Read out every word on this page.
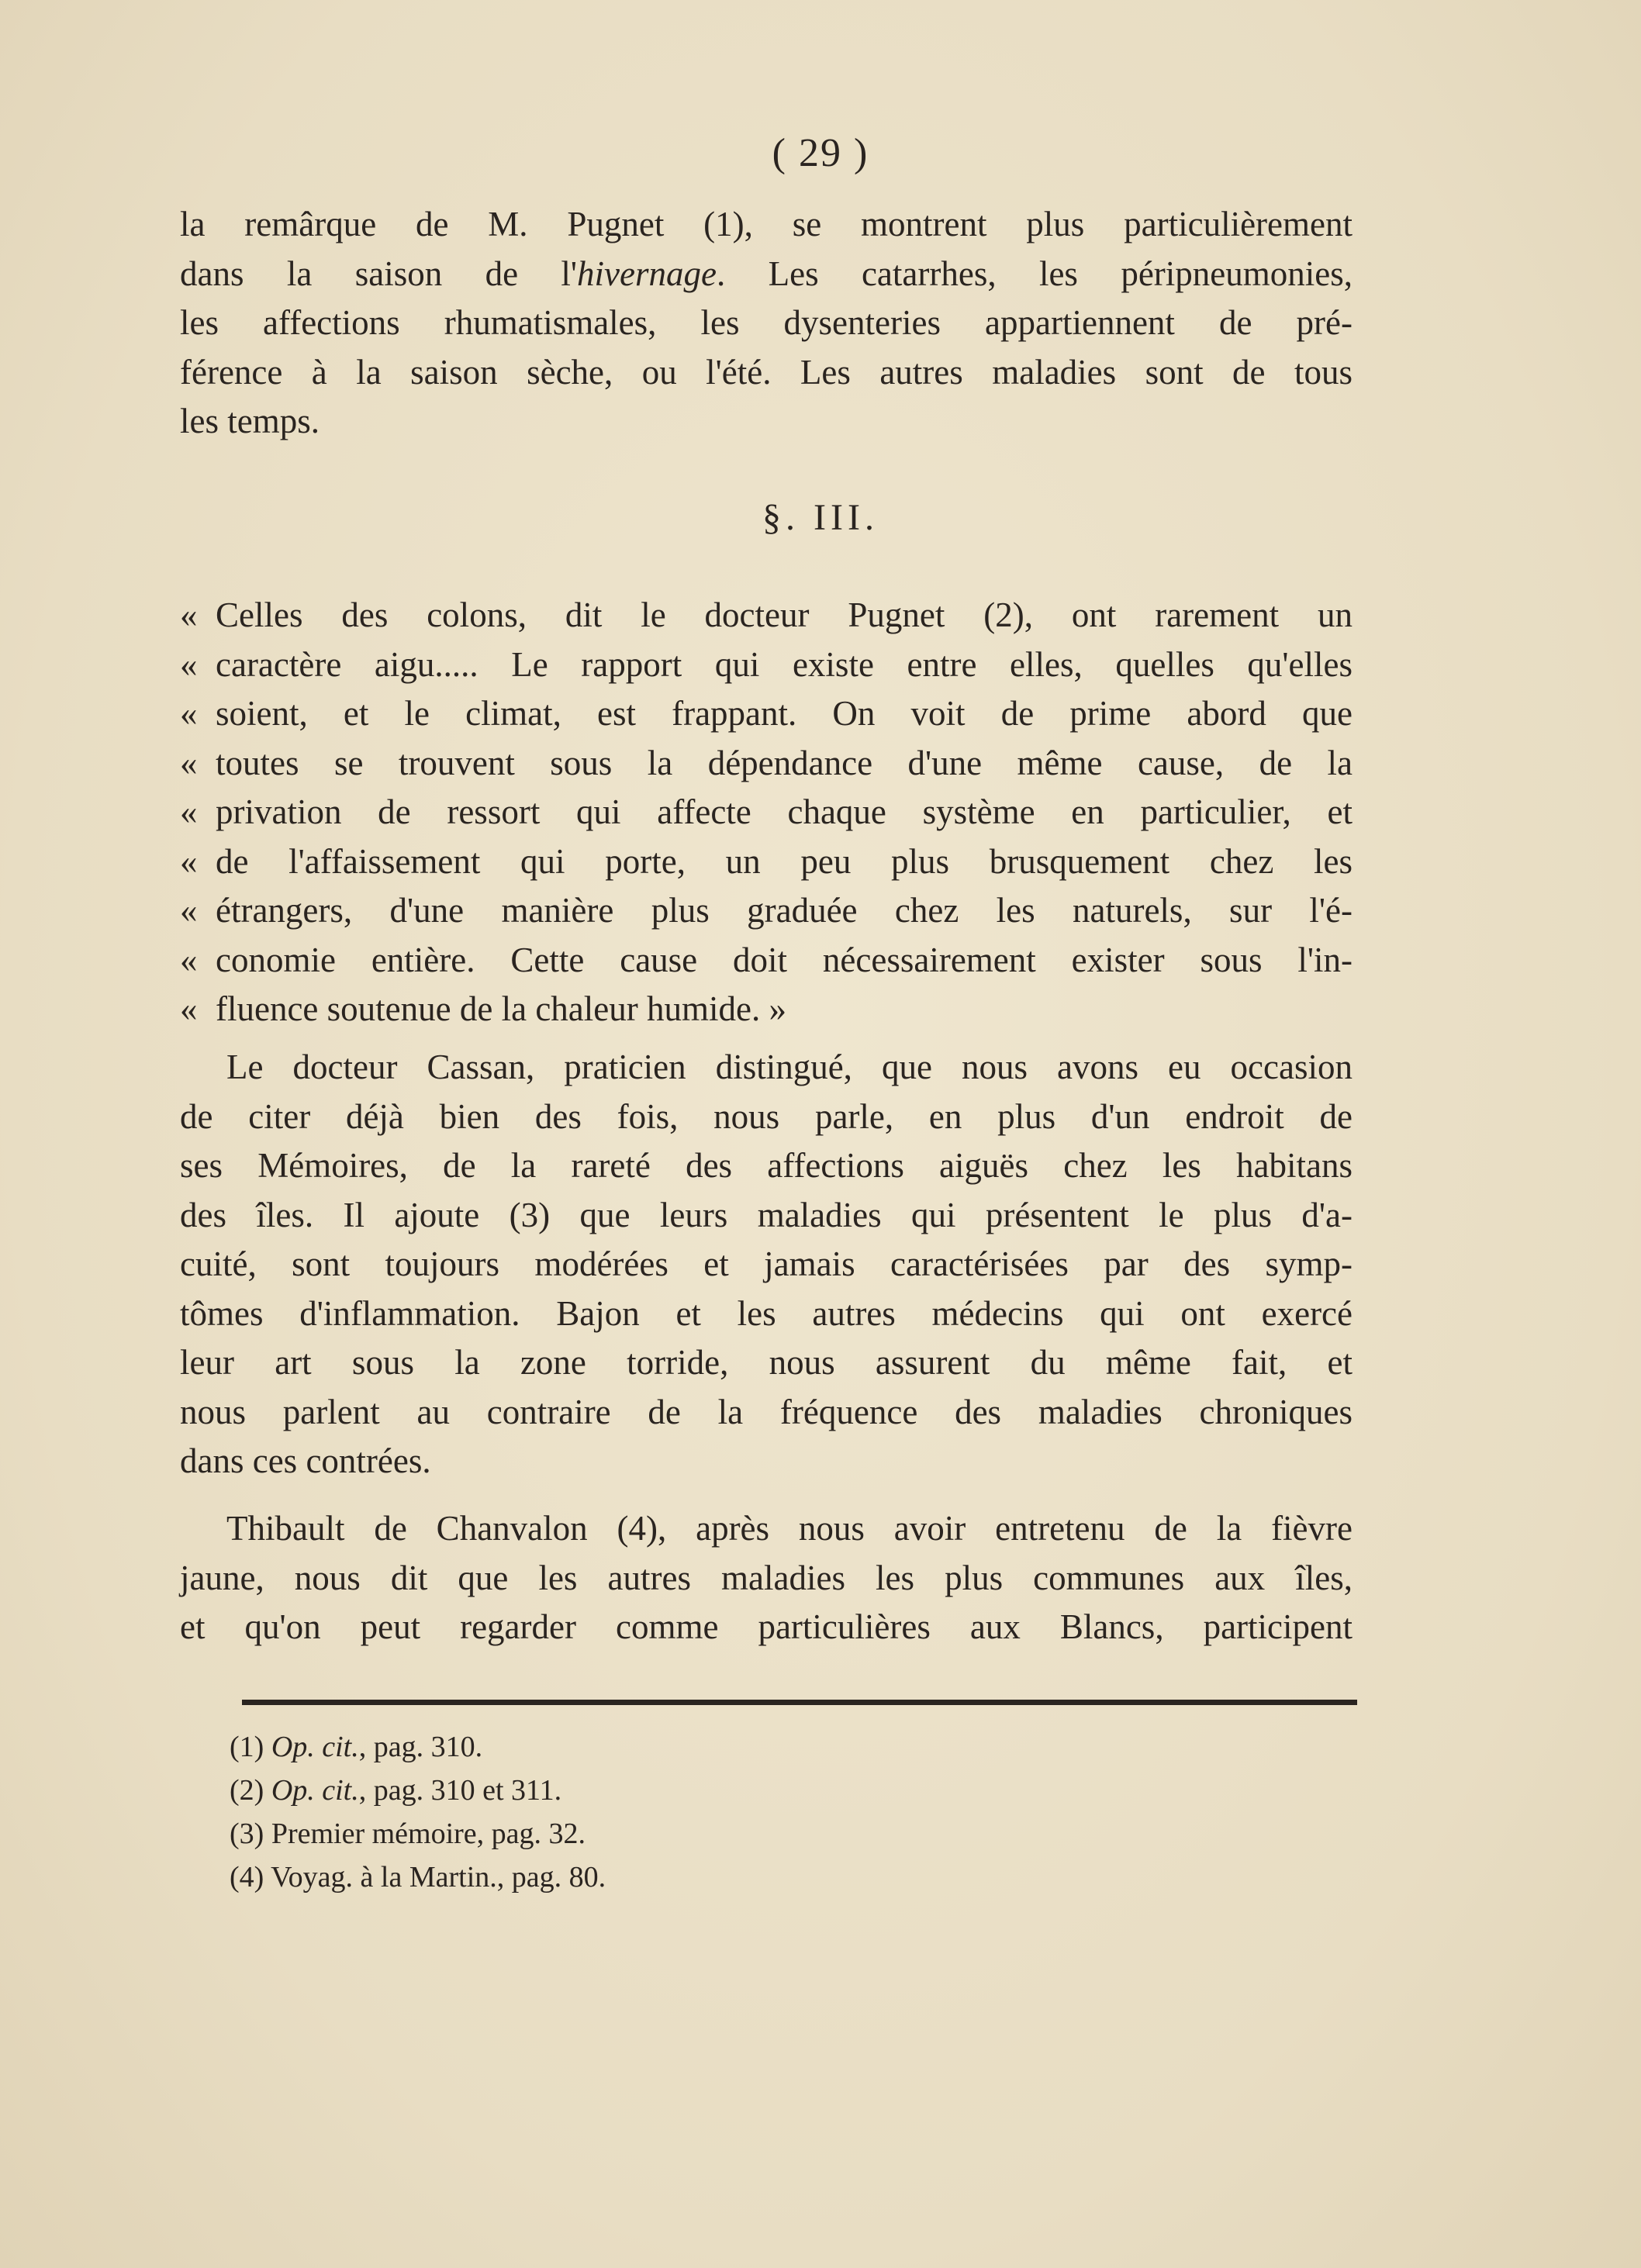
( 29 )
la remârque de M. Pugnet (1), se montrent plus particulièrement
dans la saison de l'hivernage. Les catarrhes, les péripneumonies,
les affections rhumatismales, les dysenteries appartiennent de pré-
férence à la saison sèche, ou l'été. Les autres maladies sont de tous
les temps.
§. III.
« Celles des colons, dit le docteur Pugnet (2), ont rarement un
« caractère aigu..... Le rapport qui existe entre elles, quelles qu'elles
« soient, et le climat, est frappant. On voit de prime abord que
« toutes se trouvent sous la dépendance d'une même cause, de la
« privation de ressort qui affecte chaque système en particulier, et
« de l'affaissement qui porte, un peu plus brusquement chez les
« étrangers, d'une manière plus graduée chez les naturels, sur l'é-
« conomie entière. Cette cause doit nécessairement exister sous l'in-
« fluence soutenue de la chaleur humide. »
Le docteur Cassan, praticien distingué, que nous avons eu occasion
de citer déjà bien des fois, nous parle, en plus d'un endroit de
ses Mémoires, de la rareté des affections aiguës chez les habitans
des îles. Il ajoute (3) que leurs maladies qui présentent le plus d'a-
cuité, sont toujours modérées et jamais caractérisées par des symp-
tômes d'inflammation. Bajon et les autres médecins qui ont exercé
leur art sous la zone torride, nous assurent du même fait, et
nous parlent au contraire de la fréquence des maladies chroniques
dans ces contrées.
Thibault de Chanvalon (4), après nous avoir entretenu de la fièvre
jaune, nous dit que les autres maladies les plus communes aux îles,
et qu'on peut regarder comme particulières aux Blancs, participent
(1) Op. cit., pag. 310.
(2) Op. cit., pag. 310 et 311.
(3) Premier mémoire, pag. 32.
(4) Voyag. à la Martin., pag. 80.
